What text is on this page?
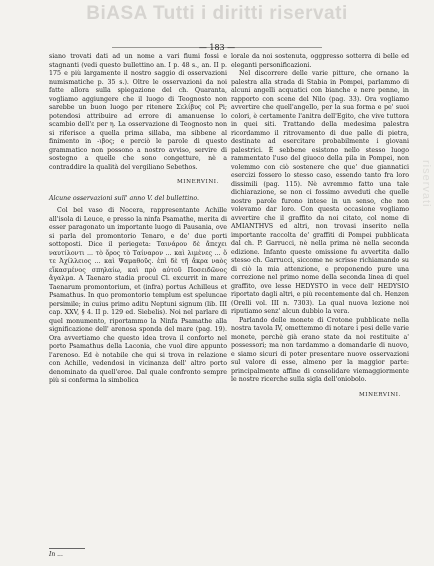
BiASA Tutti i diritti riservati
riservati
— 183 —

siano trovati dati ad un nome a vari fiumi fossi e stagnanti (vedi questo bullettino an. I p. 48 s., an. II p. 175 e più largamente il nostro saggio di osservazioni numismatiche p. 35 s.). Oltre le osservazioni da noi fatte allora sulla spiegazione del ch. Quaranta, vogliamo aggiungere che il luogo di Teognosto non sarebbe un buon luogo per ritenere Σελίβυς col Pi; potendosi attribuire ad errore di amanuense lo scambio dell'ε per η. La osservazione di Teognosto non si riferisce a quella prima sillaba, ma sibbene al finimento in -ιβος; e perciò le parole di questo grammatico non possono a nostro avviso, servire di sostegno a quelle che sono congetture, nè a contraddire la qualità del vergiliano Sebethos.

MINERVINI.

Alcune osservazioni sull' anno V. del bullettino.

Col bel vaso di Nocera, rappresentante Achille all'isola di Leuce, e presso la ninfa Psamathe, merita di esser paragonato un importante luogo di Pausania, ove si parla del promontorio Tenaro, e de' due porti sottoposti. Dice il periegeta: Ταινάρου δὲ ἄπεχει ναυτίλοντι ... τὸ ὄρος τὸ Ταίναρον ... καὶ λιμὲνες ... ὅ τε Ἀχίλλειος ... καὶ Ψαμαθοῦς. ἐπὶ δὲ τῆ ἄκρα ναὸς εἴκασμένος σπηλαίω, καὶ πρὸ αὐτοῦ Ποσειδῶνος ἄγαλμα. A Taenaro stadia procul Cl. excurrit in mare Taenarum promontorium, et (infra) portus Achilleus et Psamathus. In quo promontorio templum est speluncae persimile; in cuius primo aditu Neptuni signum (lib. III cap. XXV, § 4. II p. 129 ed. Siebelis). Noi nel parlare di quel monumento, riportammo la Ninfa Psamathe alla significazione dell' arenosa sponda del mare (pag. 19). Ora avvertiamo che questo idea trova il conforto nel porto Psamathus della Laconia, che vuol dire appunto l'arenoso. Ed è notabile che qui si trova in relazione con Achille, vedendosi in vicinanza dell' altro porto denominato da quell'eroe. Dal quale confronto sempre più si conferma la simbolica

lorale da noi sostenuta, oggpresso sotterra di belle ed eleganti personificazioni.

Nel discorrere delle varie pitture, che ornano la palestra alla strada di Stabia in Pompei, parlammo di alcuni angelli acquatici con bianche e nere penne, in rapporto con scene del Nilo (pag. 33). Ora vogliamo avvertire che quell'angello, per la sua forma e pe' suoi colori, è certamente l'anitra dell'Egito, che vive tuttora in quei siti. Trattando della medesima palestra ricordammo il ritrovamento di due palle di pietra, destinate ad esercitare probabilmente i giovani palestrici. È sebbene esistono nello stesso luogo rammentato l'uso del giuoco della pila in Pompei, non volemmo con ciò sostenere che que' due giannatici esercizi fossero lo stesso caso, essendo tanto fra loro dissimili (pag. 115). Nè avremmo fatto una tale dichiarazione, se non ci fossimo avveduti che quelle nostre parole furono intese in un senso, che non volevamo dar loro. Con questa occasione vogliamo avvertire che il graffito da noi citato, col nome di AMIANTHVS ed altri, non trovasi inserito nella importante raccolta de' graffiti di Pompei pubblicata dal ch. P. Garrucci, nè nella prima nè nella seconda edizione. Infanto queste omissione fu avvertita dallo stesso ch. Garrucci, siccome ne scrisse richiamando su di ciò la mia attenzione, e proponendo pure una correzione nel primo nome della seconda linea di quel graffito, ove lesse HEDYSTO in vece dell' HEDYSIO riportato dagli altri, e più recentemente dal ch. Henzen (Orelli vol. III n. 7303). La qual nuova lezione noi riputiamo senz' alcun dubbio la vera.

Parlando delle monete di Crotone pubblicate nella nostra tavola IV, omettemmo di notare i pesi delle varie monete, perchè già erano state da noi restituite a' possessori; ma non tardammo a domandarle di nuovo, e siamo sicuri di poter presentare nuove osservazioni sul valore di esse, almeno per la maggior parte: principalmente affine di consolidare viemaggiormente le nostre ricerche sulla sigla dell'oniobolo.

MINERVINI.
In ...
